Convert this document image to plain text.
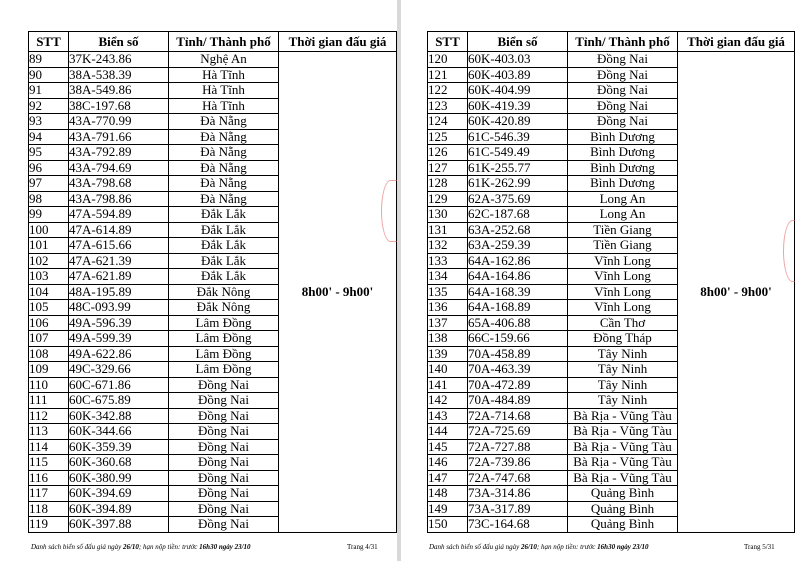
STT	Biển số	Tỉnh/ Thành phố	Thời gian đấu giá
89	37K-243.86	Nghệ An	8h00' - 9h00'
90	38A-538.39	Hà Tĩnh	
91	38A-549.86	Hà Tĩnh	
92	38C-197.68	Hà Tĩnh	
93	43A-770.99	Đà Nẵng	
94	43A-791.66	Đà Nẵng	
95	43A-792.89	Đà Nẵng	
96	43A-794.69	Đà Nẵng	
97	43A-798.68	Đà Nẵng	
98	43A-798.86	Đà Nẵng	
99	47A-594.89	Đắk Lắk	
100	47A-614.89	Đắk Lắk	
101	47A-615.66	Đắk Lắk	
102	47A-621.39	Đắk Lắk	
103	47A-621.89	Đắk Lắk	
104	48A-195.89	Đắk Nông	
105	48C-093.99	Đắk Nông	
106	49A-596.39	Lâm Đồng	
107	49A-599.39	Lâm Đồng	
108	49A-622.86	Lâm Đồng	
109	49C-329.66	Lâm Đồng	
110	60C-671.86	Đồng Nai	
111	60C-675.89	Đồng Nai	
112	60K-342.88	Đồng Nai	
113	60K-344.66	Đồng Nai	
114	60K-359.39	Đồng Nai	
115	60K-360.68	Đồng Nai	
116	60K-380.99	Đồng Nai	
117	60K-394.69	Đồng Nai	
118	60K-394.89	Đồng Nai	
119	60K-397.88	Đồng Nai	
Danh sách biển số đấu giá ngày 26/10; hạn nộp tiền: trước 16h30 ngày 23/10	Trang 4/31
STT	Biển số	Tỉnh/ Thành phố	Thời gian đấu giá
120	60K-403.03	Đồng Nai	8h00' - 9h00'
121	60K-403.89	Đồng Nai	
122	60K-404.99	Đồng Nai	
123	60K-419.39	Đồng Nai	
124	60K-420.89	Đồng Nai	
125	61C-546.39	Bình Dương	
126	61C-549.49	Bình Dương	
127	61K-255.77	Bình Dương	
128	61K-262.99	Bình Dương	
129	62A-375.69	Long An	
130	62C-187.68	Long An	
131	63A-252.68	Tiền Giang	
132	63A-259.39	Tiền Giang	
133	64A-162.86	Vĩnh Long	
134	64A-164.86	Vĩnh Long	
135	64A-168.39	Vĩnh Long	
136	64A-168.89	Vĩnh Long	
137	65A-406.88	Cần Thơ	
138	66C-159.66	Đồng Tháp	
139	70A-458.89	Tây Ninh	
140	70A-463.39	Tây Ninh	
141	70A-472.89	Tây Ninh	
142	70A-484.89	Tây Ninh	
143	72A-714.68	Bà Rịa - Vũng Tàu	
144	72A-725.69	Bà Rịa - Vũng Tàu	
145	72A-727.88	Bà Rịa - Vũng Tàu	
146	72A-739.86	Bà Rịa - Vũng Tàu	
147	72A-747.68	Bà Rịa - Vũng Tàu	
148	73A-314.86	Quảng Bình	
149	73A-317.89	Quảng Bình	
150	73C-164.68	Quảng Bình	
Danh sách biển số đấu giá ngày 26/10; hạn nộp tiền: trước 16h30 ngày 23/10	Trang 5/31
